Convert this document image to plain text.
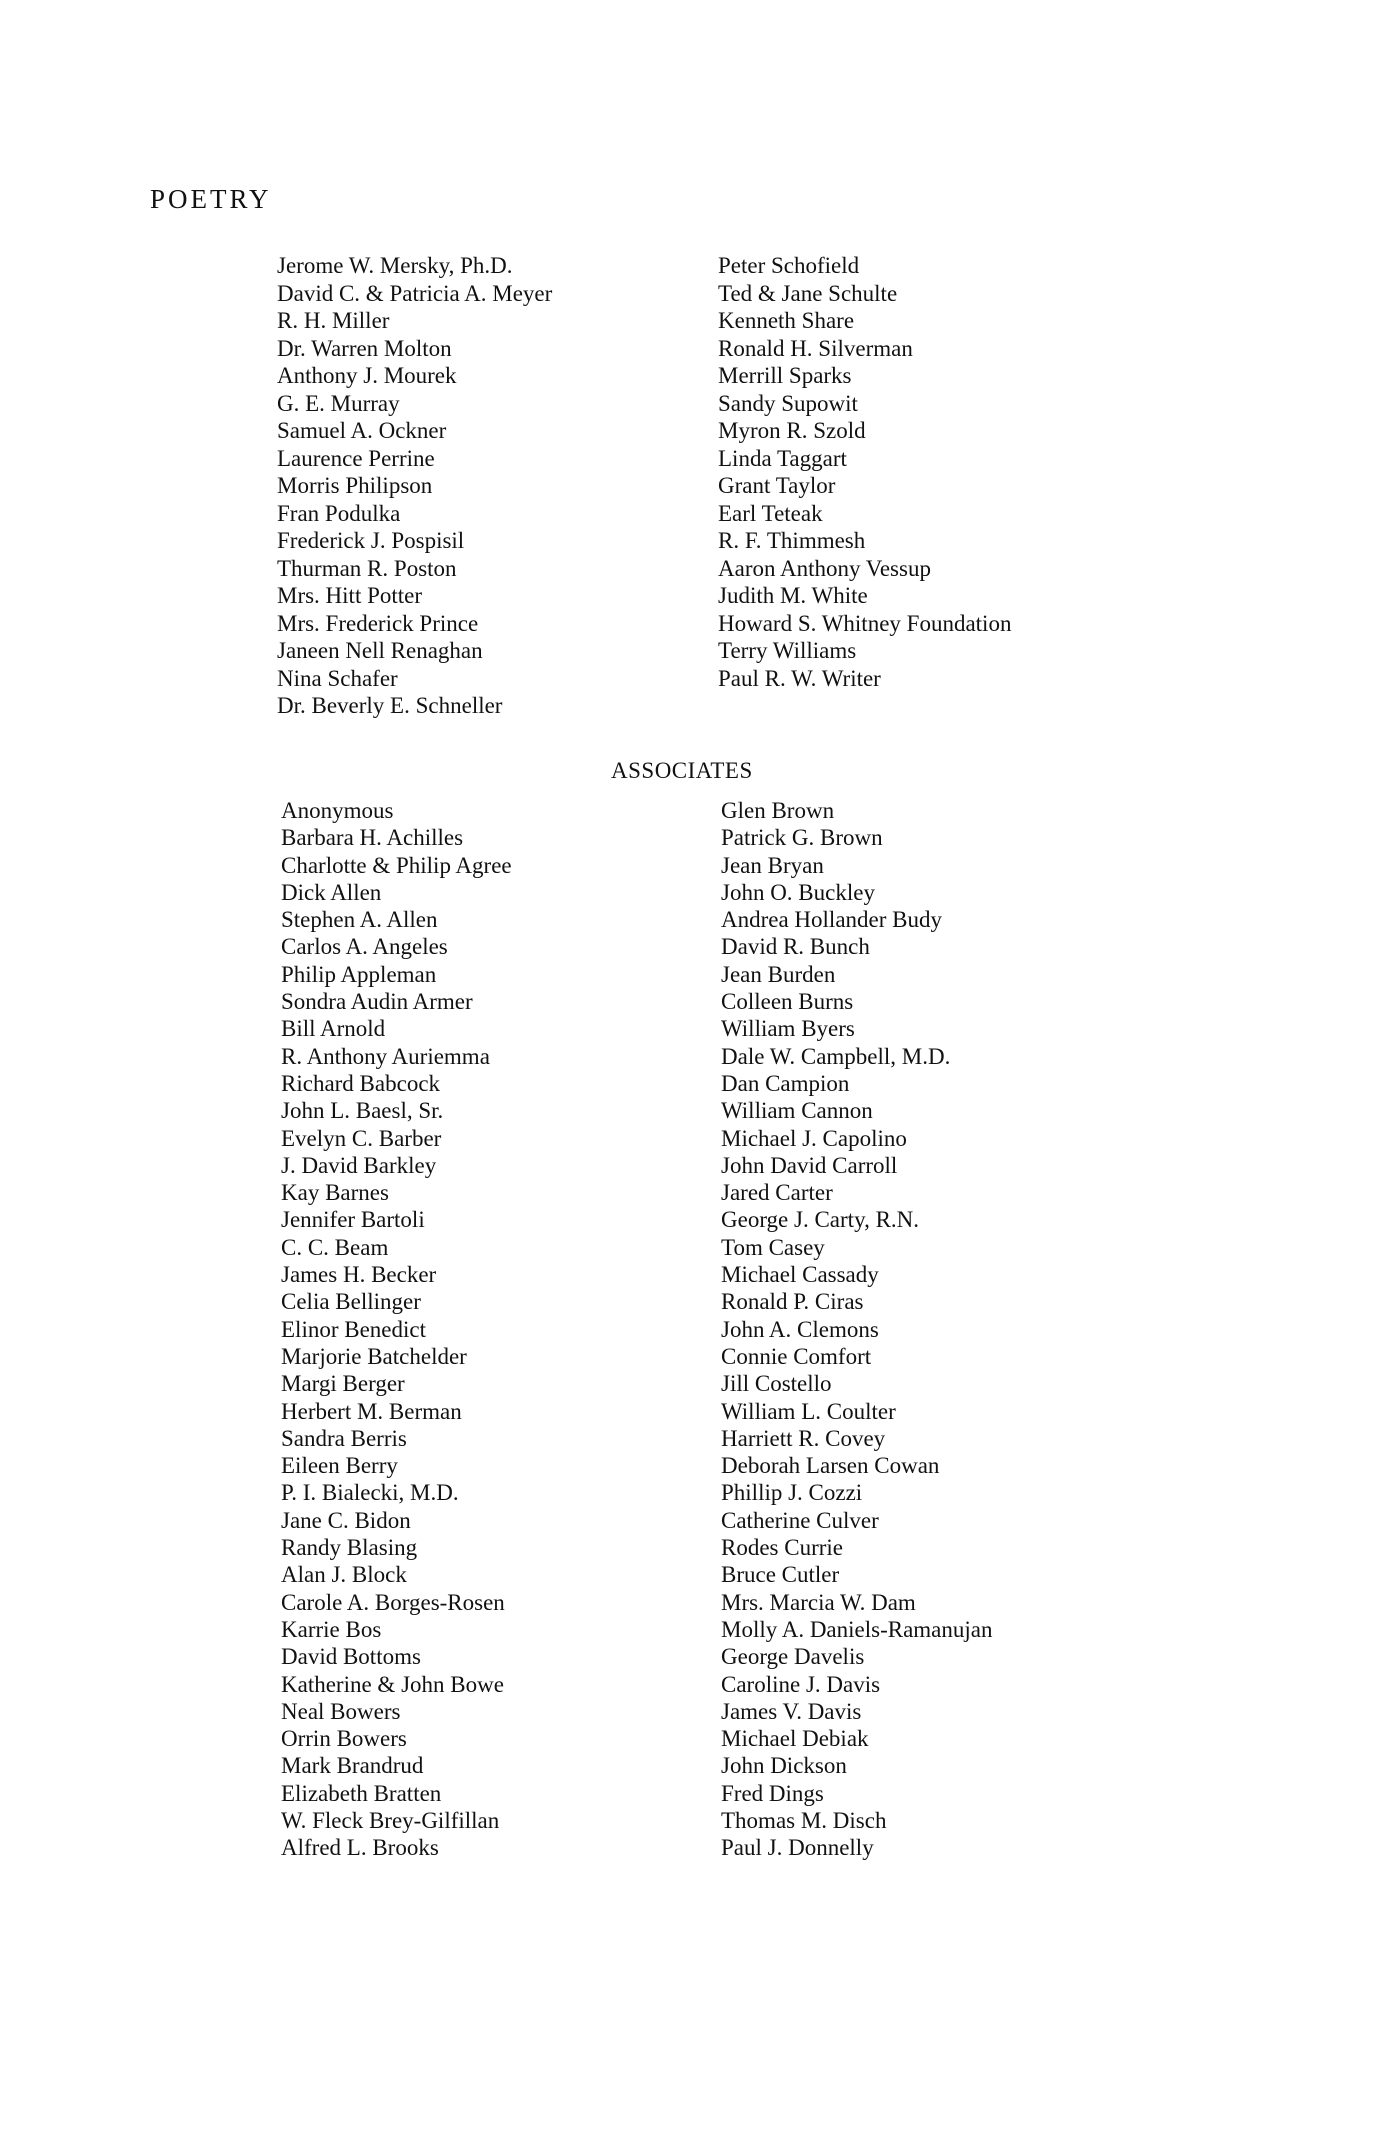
POETRY
Jerome W. Mersky, Ph.D.
David C. & Patricia A. Meyer
R. H. Miller
Dr. Warren Molton
Anthony J. Mourek
G. E. Murray
Samuel A. Ockner
Laurence Perrine
Morris Philipson
Fran Podulka
Frederick J. Pospisil
Thurman R. Poston
Mrs. Hitt Potter
Mrs. Frederick Prince
Janeen Nell Renaghan
Nina Schafer
Dr. Beverly E. Schneller
Peter Schofield
Ted & Jane Schulte
Kenneth Share
Ronald H. Silverman
Merrill Sparks
Sandy Supowit
Myron R. Szold
Linda Taggart
Grant Taylor
Earl Teteak
R. F. Thimmesh
Aaron Anthony Vessup
Judith M. White
Howard S. Whitney Foundation
Terry Williams
Paul R. W. Writer
ASSOCIATES
Anonymous
Barbara H. Achilles
Charlotte & Philip Agree
Dick Allen
Stephen A. Allen
Carlos A. Angeles
Philip Appleman
Sondra Audin Armer
Bill Arnold
R. Anthony Auriemma
Richard Babcock
John L. Baesl, Sr.
Evelyn C. Barber
J. David Barkley
Kay Barnes
Jennifer Bartoli
C. C. Beam
James H. Becker
Celia Bellinger
Elinor Benedict
Marjorie Batchelder
Margi Berger
Herbert M. Berman
Sandra Berris
Eileen Berry
P. I. Bialecki, M.D.
Jane C. Bidon
Randy Blasing
Alan J. Block
Carole A. Borges-Rosen
Karrie Bos
David Bottoms
Katherine & John Bowe
Neal Bowers
Orrin Bowers
Mark Brandrud
Elizabeth Bratten
W. Fleck Brey-Gilfillan
Alfred L. Brooks
Glen Brown
Patrick G. Brown
Jean Bryan
John O. Buckley
Andrea Hollander Budy
David R. Bunch
Jean Burden
Colleen Burns
William Byers
Dale W. Campbell, M.D.
Dan Campion
William Cannon
Michael J. Capolino
John David Carroll
Jared Carter
George J. Carty, R.N.
Tom Casey
Michael Cassady
Ronald P. Ciras
John A. Clemons
Connie Comfort
Jill Costello
William L. Coulter
Harriett R. Covey
Deborah Larsen Cowan
Phillip J. Cozzi
Catherine Culver
Rodes Currie
Bruce Cutler
Mrs. Marcia W. Dam
Molly A. Daniels-Ramanujan
George Davelis
Caroline J. Davis
James V. Davis
Michael Debiak
John Dickson
Fred Dings
Thomas M. Disch
Paul J. Donnelly
